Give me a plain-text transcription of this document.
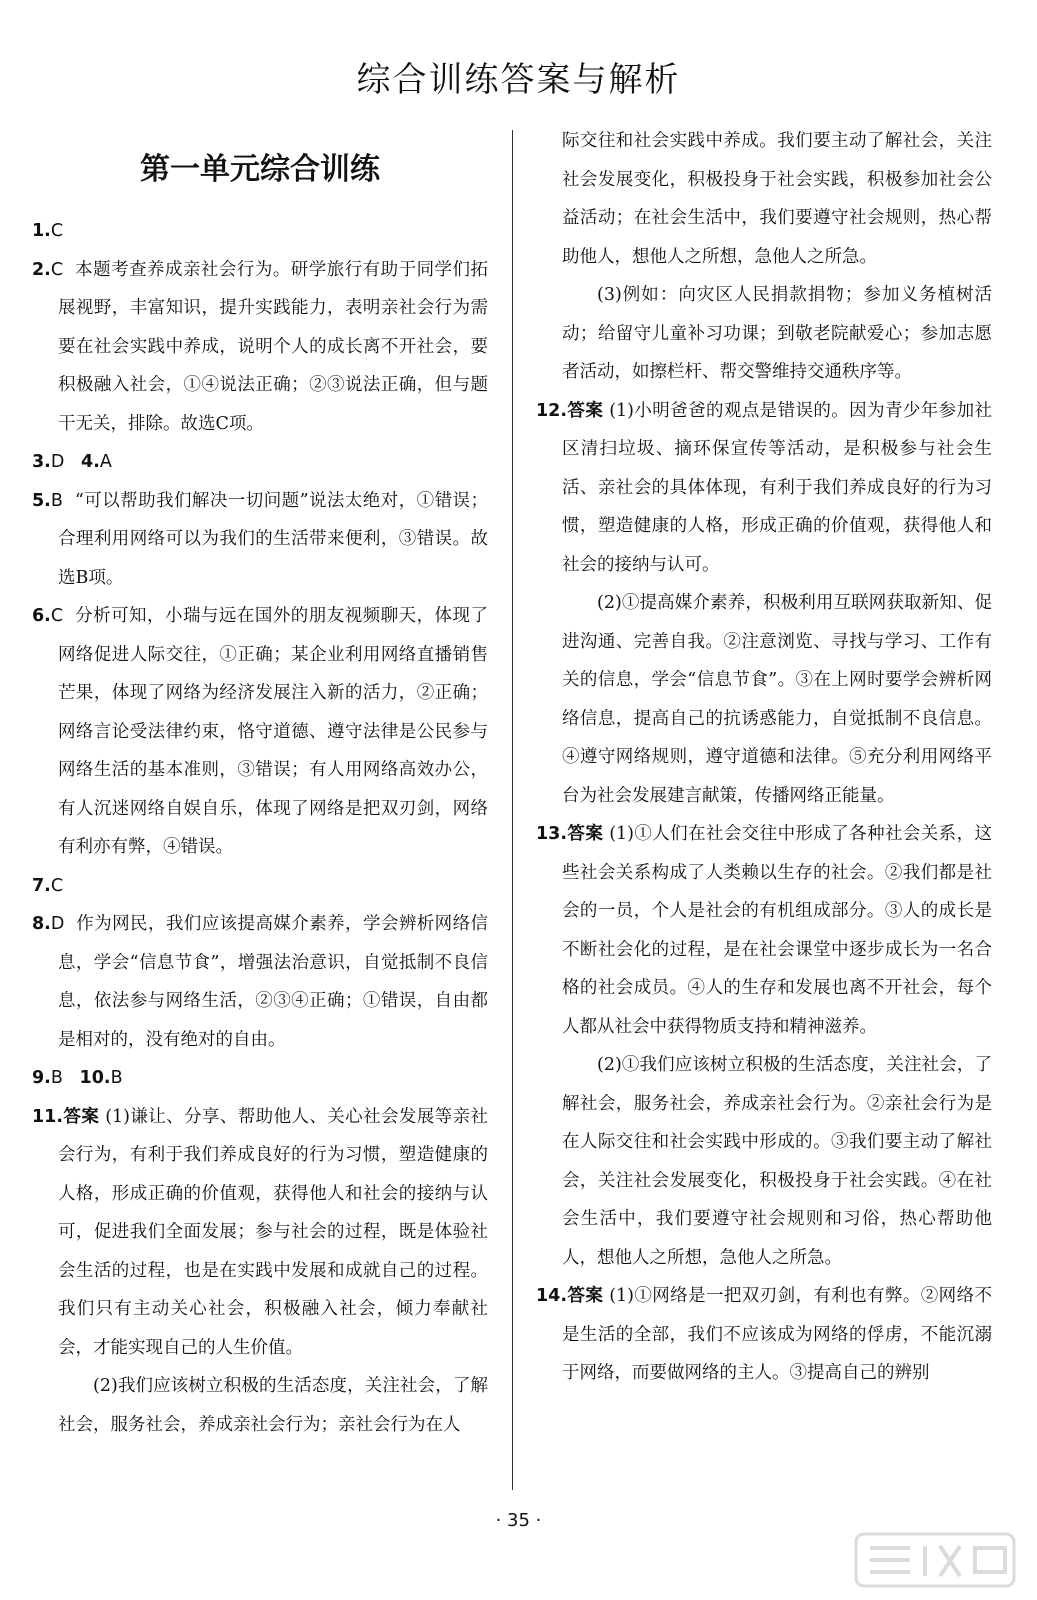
综合训练答案与解析
第一单元综合训练
1.C
2.C 本题考查养成亲社会行为。研学旅行有助于同学们拓展视野，丰富知识，提升实践能力，表明亲社会行为需要在社会实践中养成，说明个人的成长离不开社会，要积极融入社会，①④说法正确；②③说法正确，但与题干无关，排除。故选C项。
3.D 4.A
5.B “可以帮助我们解决一切问题”说法太绝对，①错误；合理利用网络可以为我们的生活带来便利，③错误。故选B项。
6.C 分析可知，小瑞与远在国外的朋友视频聊天，体现了网络促进人际交往，①正确；某企业利用网络直播销售芒果，体现了网络为经济发展注入新的活力，②正确；网络言论受法律约束，恪守道德、遵守法律是公民参与网络生活的基本准则，③错误；有人用网络高效办公，有人沉迷网络自娱自乐，体现了网络是把双刃剑，网络有利亦有弊，④错误。
7.C
8.D 作为网民，我们应该提高媒介素养，学会辨析网络信息，学会“信息节食”，增强法治意识，自觉抵制不良信息，依法参与网络生活，②③④正确；①错误，自由都是相对的，没有绝对的自由。
9.B 10.B
11.答案 (1)谦让、分享、帮助他人、关心社会发展等亲社会行为，有利于我们养成良好的行为习惯，塑造健康的人格，形成正确的价值观，获得他人和社会的接纳与认可，促进我们全面发展；参与社会的过程，既是体验社会生活的过程，也是在实践中发展和成就自己的过程。我们只有主动关心社会，积极融入社会，倾力奉献社会，才能实现自己的人生价值。
(2)我们应该树立积极的生活态度，关注社会，了解社会，服务社会，养成亲社会行为；亲社会行为在人
际交往和社会实践中养成。我们要主动了解社会，关注社会发展变化，积极投身于社会实践，积极参加社会公益活动；在社会生活中，我们要遵守社会规则，热心帮助他人，想他人之所想，急他人之所急。
(3)例如：向灾区人民捐款捐物；参加义务植树活动；给留守儿童补习功课；到敬老院献爱心；参加志愿者活动，如擦栏杆、帮交警维持交通秩序等。
12.答案 (1)小明爸爸的观点是错误的。因为青少年参加社区清扫垃圾、摘环保宣传等活动，是积极参与社会生活、亲社会的具体体现，有利于我们养成良好的行为习惯，塑造健康的人格，形成正确的价值观，获得他人和社会的接纳与认可。
(2)①提高媒介素养，积极利用互联网获取新知、促进沟通、完善自我。②注意浏览、寻找与学习、工作有关的信息，学会“信息节食”。③在上网时要学会辨析网络信息，提高自己的抗诱惑能力，自觉抵制不良信息。④遵守网络规则，遵守道德和法律。⑤充分利用网络平台为社会发展建言献策，传播网络正能量。
13.答案 (1)①人们在社会交往中形成了各种社会关系，这些社会关系构成了人类赖以生存的社会。②我们都是社会的一员，个人是社会的有机组成部分。③人的成长是不断社会化的过程，是在社会课堂中逐步成长为一名合格的社会成员。④人的生存和发展也离不开社会，每个人都从社会中获得物质支持和精神滋养。
(2)①我们应该树立积极的生活态度，关注社会，了解社会，服务社会，养成亲社会行为。②亲社会行为是在人际交往和社会实践中形成的。③我们要主动了解社会，关注社会发展变化，积极投身于社会实践。④在社会生活中，我们要遵守社会规则和习俗，热心帮助他人，想他人之所想，急他人之所急。
14.答案 (1)①网络是一把双刃剑，有利也有弊。②网络不是生活的全部，我们不应该成为网络的俘虏，不能沉溺于网络，而要做网络的主人。③提高自己的辨别
· 35 ·
